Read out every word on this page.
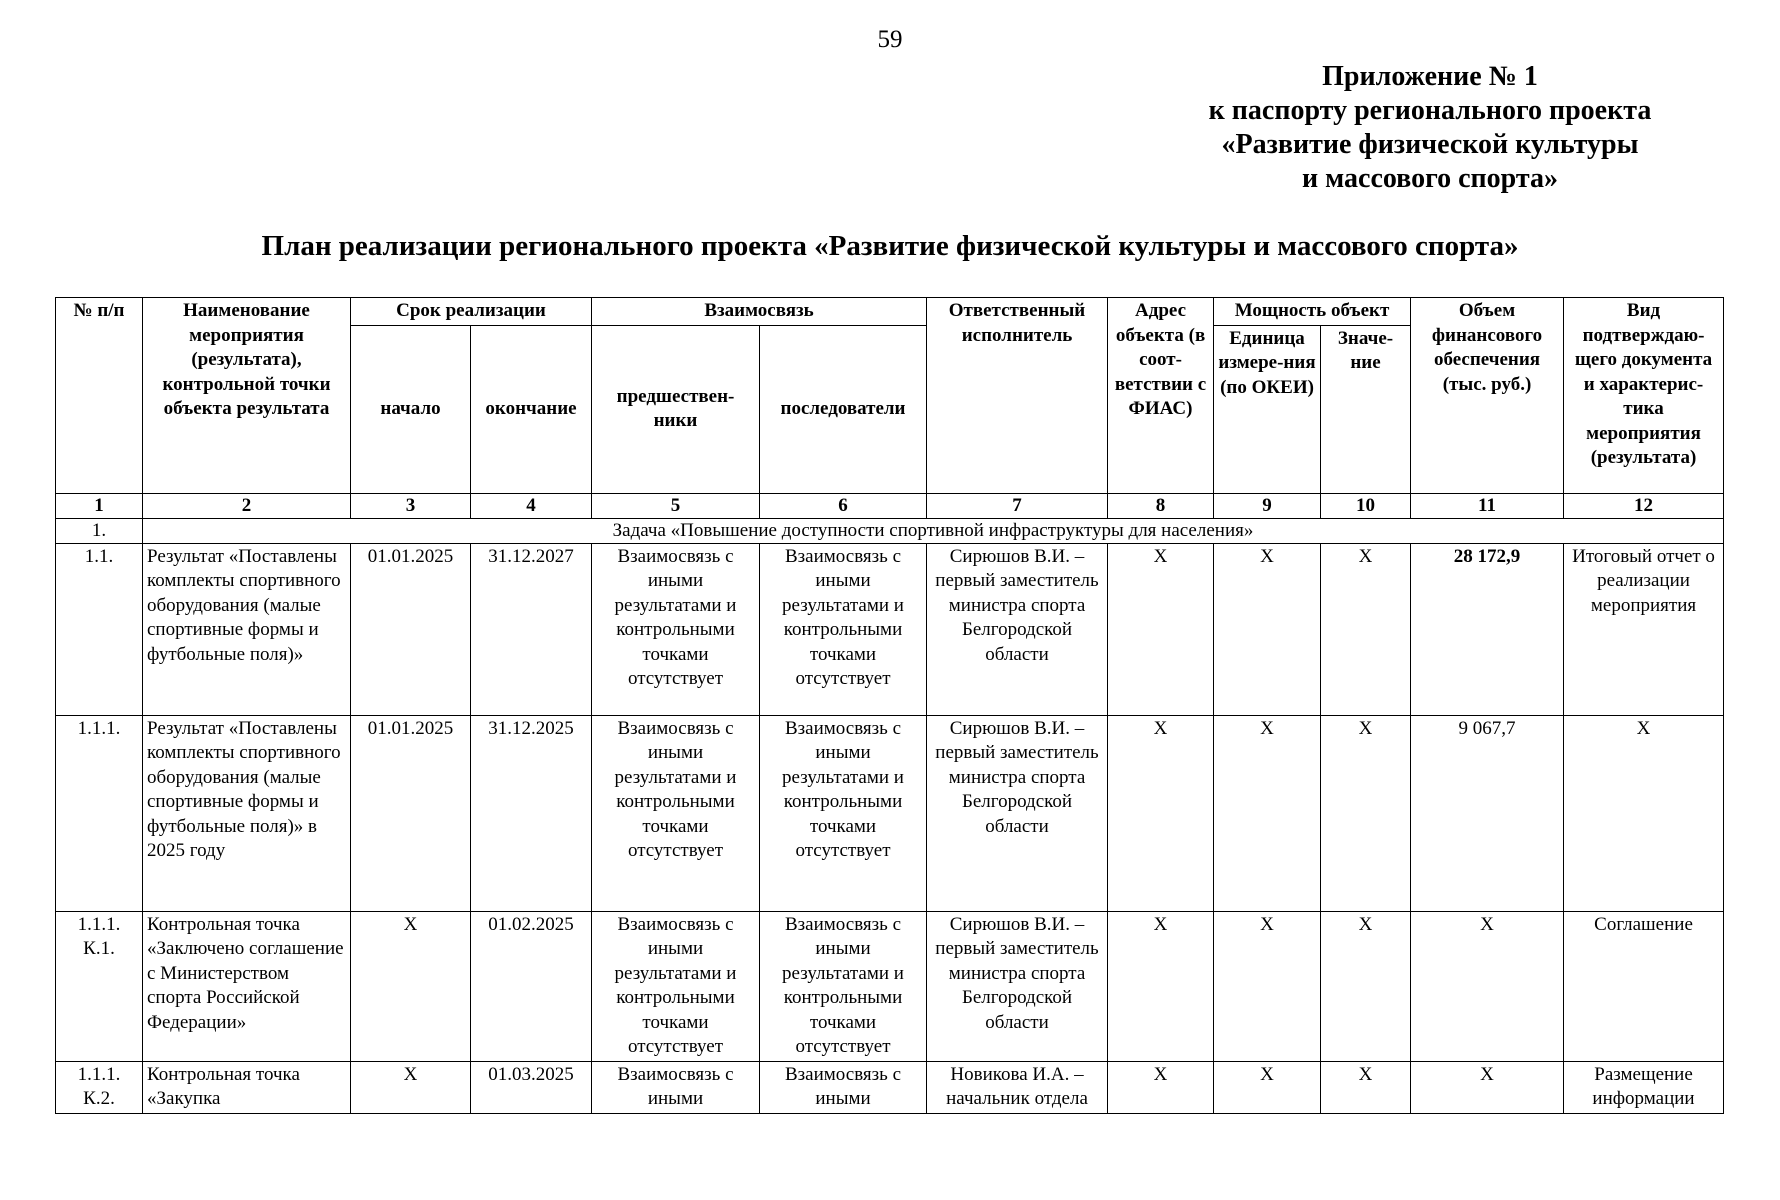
59
Приложение № 1
к паспорту регионального проекта
«Развитие физической культуры
и массового спорта»
План реализации регионального проекта «Развитие физической культуры и массового спорта»
№ п/п	Наименование мероприятия (результата), контрольной точки объекта результата	Срок реализации		Взаимосвязь		Ответственный исполнитель	Адрес объекта (в соот-ветствии с ФИАС)	Мощность объект		Объем финансового обеспечения (тыс. руб.)	Вид подтверждаю-щего документа и характерис-тика мероприятия (результата)
		начало	окончание	предшествен-ники	последователи			Единица измере-ния (по ОКЕИ)	Значе-ние		
1	2	3	4	5	6	7	8	9	10	11	12
1.	Задача «Повышение доступности спортивной инфраструктуры для населения»										
1.1.	Результат «Поставлены комплекты спортивного оборудования (малые спортивные формы и футбольные поля)»	01.01.2025	31.12.2027	Взаимосвязь с иными результатами и контрольными точками отсутствует	Взаимосвязь с иными результатами и контрольными точками отсутствует	Сирюшов В.И. – первый заместитель министра спорта Белгородской области	X	X	X	28 172,9	Итоговый отчет о реализации мероприятия
1.1.1.	Результат «Поставлены комплекты спортивного оборудования (малые спортивные формы и футбольные поля)» в 2025 году	01.01.2025	31.12.2025	Взаимосвязь с иными результатами и контрольными точками отсутствует	Взаимосвязь с иными результатами и контрольными точками отсутствует	Сирюшов В.И. – первый заместитель министра спорта Белгородской области	X	X	X	9 067,7	X
1.1.1. К.1.	Контрольная точка «Заключено соглашение с Министерством спорта Российской Федерации»	X	01.02.2025	Взаимосвязь с иными результатами и контрольными точками отсутствует	Взаимосвязь с иными результатами и контрольными точками отсутствует	Сирюшов В.И. – первый заместитель министра спорта Белгородской области	X	X	X	X	Соглашение
1.1.1. К.2.	Контрольная точка «Закупка	X	01.03.2025	Взаимосвязь с иными	Взаимосвязь с иными	Новикова И.А. – начальник отдела	X	X	X	X	Размещение информации
